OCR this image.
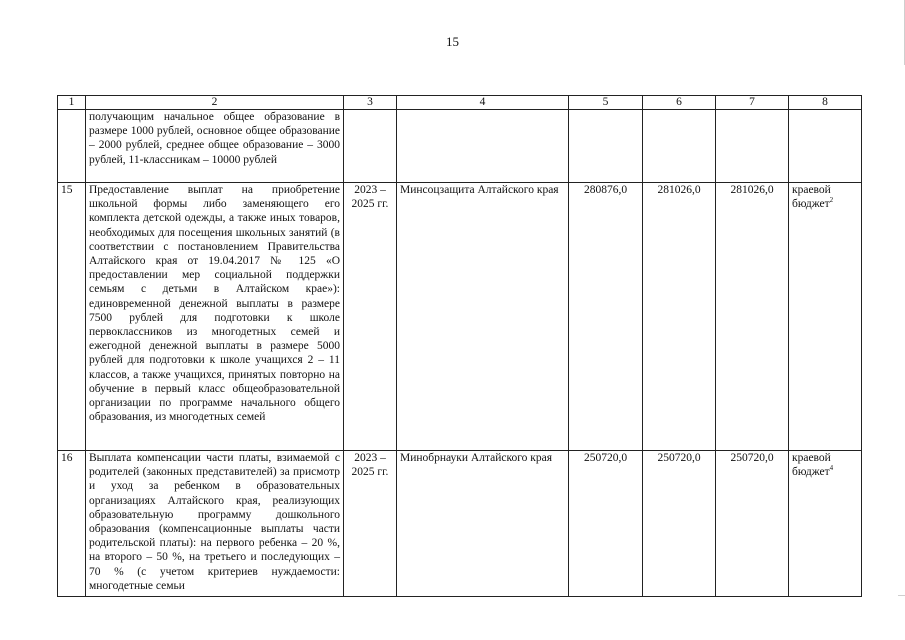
15
1	2	3	4	5	6	7	8
	получающим начальное общее образование в размере 1000 рублей, основное общее образование – 2000 рублей, среднее общее образование – 3000 рублей, 11-классникам – 10000 рублей						
15	Предоставление выплат на приобретение школьной формы либо заменяющего его комплекта детской одежды, а также иных товаров, необходимых для посещения школьных занятий (в соответствии с постановлением Правительства Алтайского края от 19.04.2017 № 125 «О предоставлении мер социальной поддержки семьям с детьми в Алтайском крае»): единовременной денежной выплаты в размере 7500 рублей для подготовки к школе первоклассников из многодетных семей и ежегодной денежной выплаты в размере 5000 рублей для подготовки к школе учащихся 2 – 11 классов, а также учащихся, принятых повторно на обучение в первый класс общеобразовательной организации по программе начального общего образования, из многодетных семей	2023 – 2025 гг.	Минсоцзащита Алтайского края	280876,0	281026,0	281026,0	краевой бюджет$^2$
16	Выплата компенсации части платы, взимаемой с родителей (законных представителей) за присмотр и уход за ребенком в образовательных организациях Алтайского края, реализующих образовательную программу дошкольного образования (компенсационные выплаты части родительской платы): на первого ребенка – 20 %, на второго – 50 %, на третьего и последующих – 70 % (с учетом критериев нуждаемости: многодетные семьи	2023 – 2025 гг.	Минобрнауки Алтайского края	250720,0	250720,0	250720,0	краевой бюджет$^4$
